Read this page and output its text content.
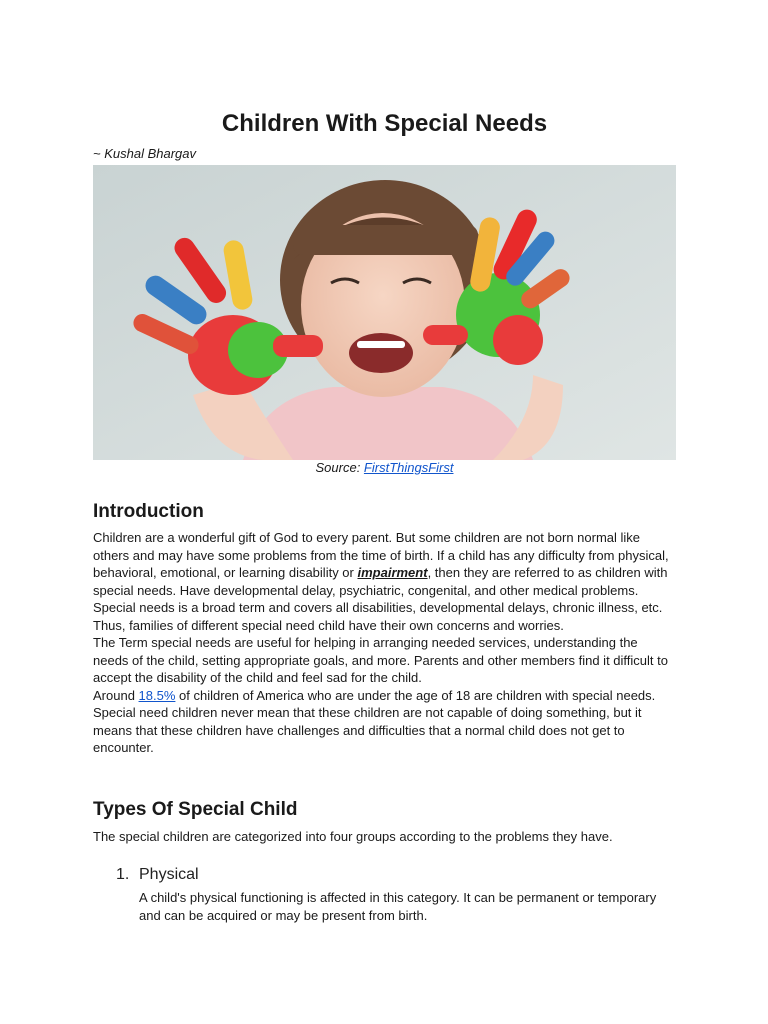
Children With Special Needs
~ Kushal Bhargav
Source: FirstThingsFirst
Introduction
Children are a wonderful gift of God to every parent. But some children are not born normal like others and may have some problems from the time of birth. If a child has any difficulty from physical, behavioral, emotional, or learning disability or impairment, then they are referred to as children with special needs. Have developmental delay, psychiatric, congenital, and other medical problems. Special needs is a broad term and covers all disabilities, developmental delays, chronic illness, etc. Thus, families of different special need child have their own concerns and worries.
The Term special needs are useful for helping in arranging needed services, understanding the needs of the child, setting appropriate goals, and more. Parents and other members find it difficult to accept the disability of the child and feel sad for the child.
Around 18.5% of children of America who are under the age of 18 are children with special needs. Special need children never mean that these children are not capable of doing something, but it means that these children have challenges and difficulties that a normal child does not get to encounter.
Types Of Special Child
The special children are categorized into four groups according to the problems they have.
1. Physical
A child's physical functioning is affected in this category. It can be permanent or temporary and can be acquired or may be present from birth.
